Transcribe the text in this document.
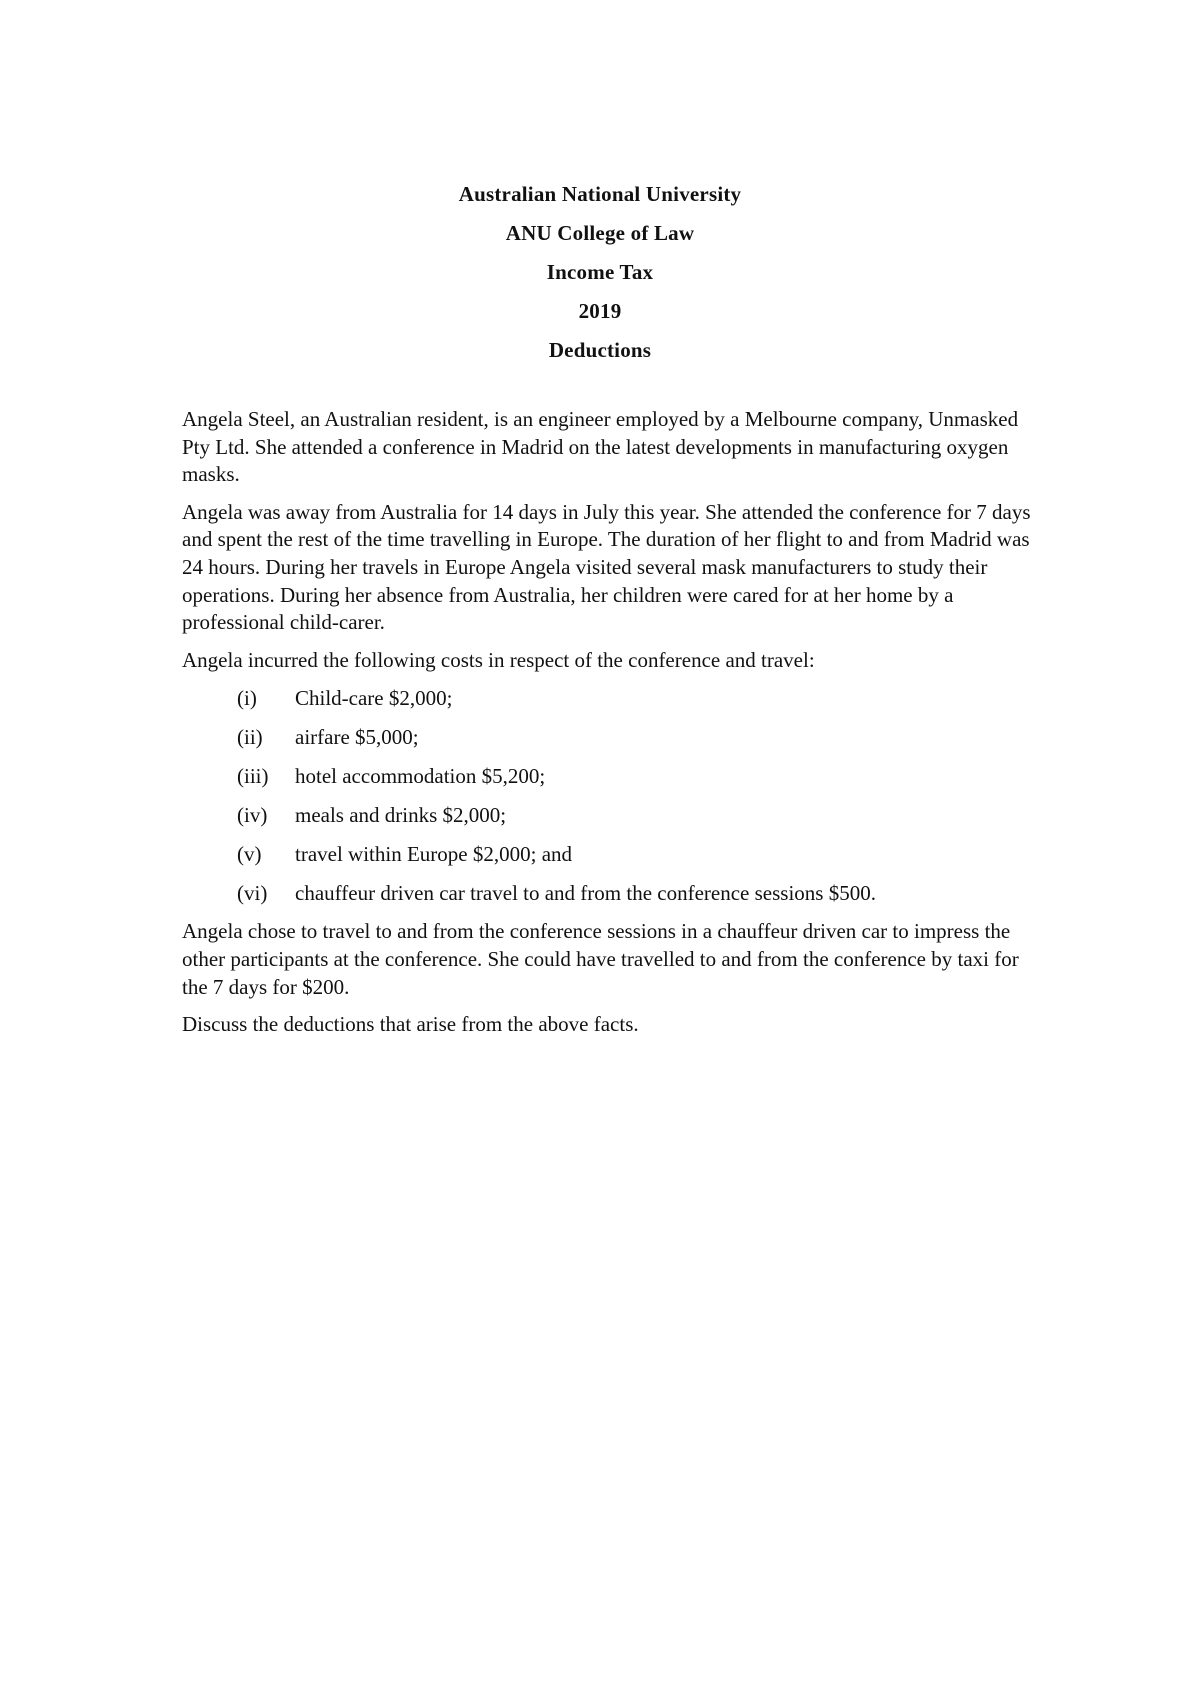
Australian National University

ANU College of Law

Income Tax

2019

Deductions

Angela Steel, an Australian resident, is an engineer employed by a Melbourne company, Unmasked Pty Ltd. She attended a conference in Madrid on the latest developments in manufacturing oxygen masks.

Angela was away from Australia for 14 days in July this year. She attended the conference for 7 days and spent the rest of the time travelling in Europe. The duration of her flight to and from Madrid was 24 hours. During her travels in Europe Angela visited several mask manufacturers to study their operations. During her absence from Australia, her children were cared for at her home by a professional child-carer.

Angela incurred the following costs in respect of the conference and travel:

(i)	Child-care $2,000;
(ii)	airfare $5,000;
(iii)	hotel accommodation $5,200;
(iv)	meals and drinks $2,000;
(v)	travel within Europe $2,000; and
(vi)	chauffeur driven car travel to and from the conference sessions $500.

Angela chose to travel to and from the conference sessions in a chauffeur driven car to impress the other participants at the conference. She could have travelled to and from the conference by taxi for the 7 days for $200.

Discuss the deductions that arise from the above facts.
